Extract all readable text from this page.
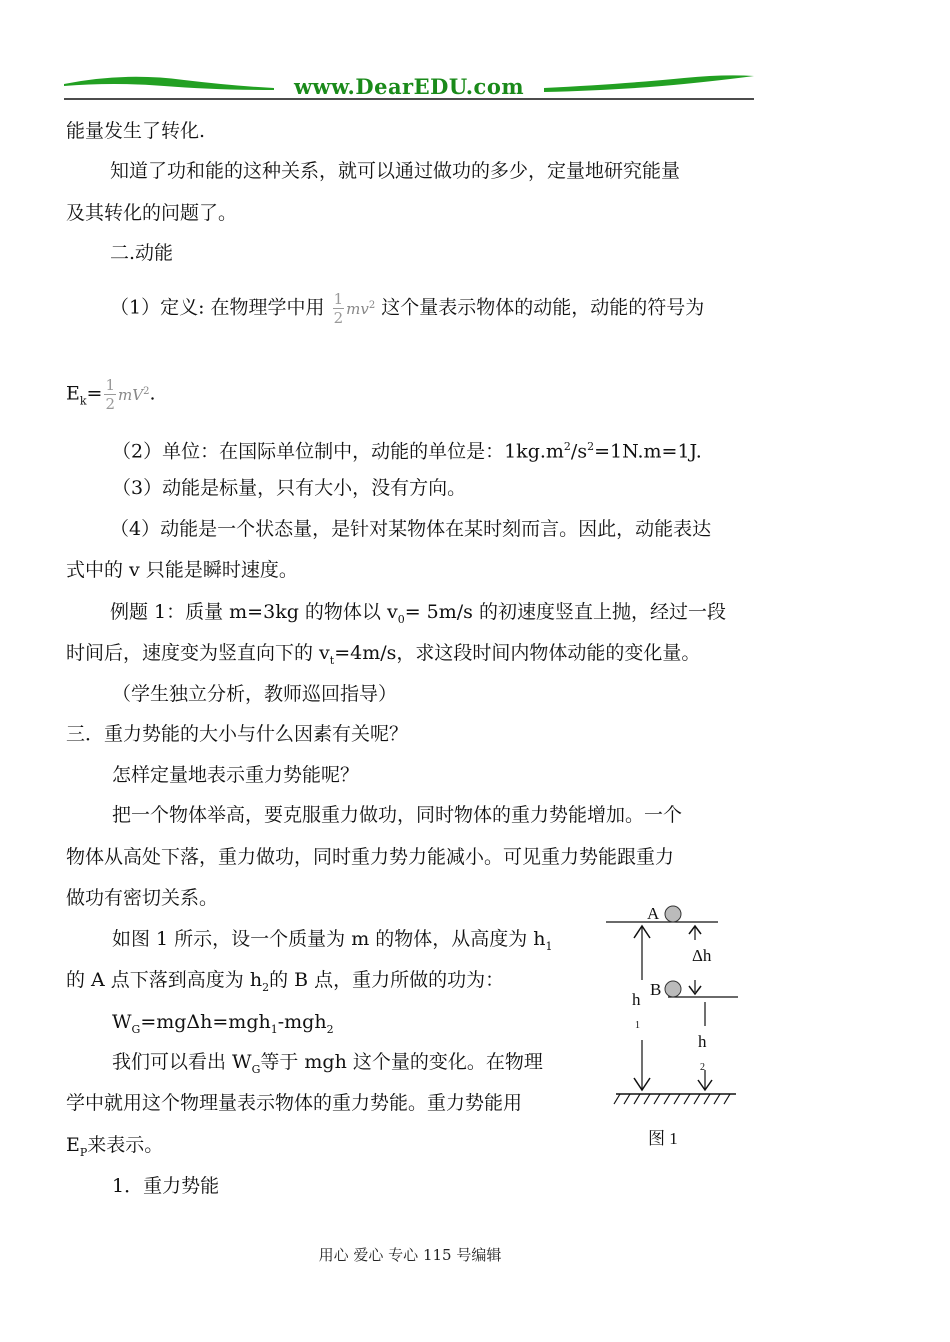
www.DearEDU.com
能量发生了转化.
知道了功和能的这种关系，就可以通过做功的多少，定量地研究能量
及其转化的问题了。
二.动能
（1）定义: 在物理学中用 $\frac{1}{2} mv^2$ 这个量表示物体的动能，动能的符号为
$E_k= \frac{1}{2} mV^2$.
（2）单位：在国际单位制中，动能的单位是：$1kg.m^2/s^2=1N.m=1J$.
（3）动能是标量，只有大小，没有方向。
（4）动能是一个状态量，是针对某物体在某时刻而言。因此，动能表达
式中的 v 只能是瞬时速度。
例题 1：质量 m=3kg 的物体以 $v_0= 5m/s$ 的初速度竖直上抛，经过一段
时间后，速度变为竖直向下的 $v_t=4m/s$，求这段时间内物体动能的变化量。
（学生独立分析，教师巡回指导）
三．重力势能的大小与什么因素有关呢？
怎样定量地表示重力势能呢？
把一个物体举高，要克服重力做功，同时物体的重力势能增加。一个
物体从高处下落，重力做功，同时重力势力能减小。可见重力势能跟重力
做功有密切关系。
如图 1 所示，设一个质量为 m 的物体，从高度为 $h_1$
的 A 点下落到高度为 $h_2$的 B 点，重力所做的功为：
$W_G=mg\Delta h=mgh_1-mgh_2$
我们可以看出 $W_G$等于 mgh 这个量的变化。在物理
学中就用这个物理量表示物体的重力势能。重力势能用
$E_P$来表示。
1．重力势能
A
B
Δh
h
1
h
2
图 1
用心 爱心 专心 115 号编辑
